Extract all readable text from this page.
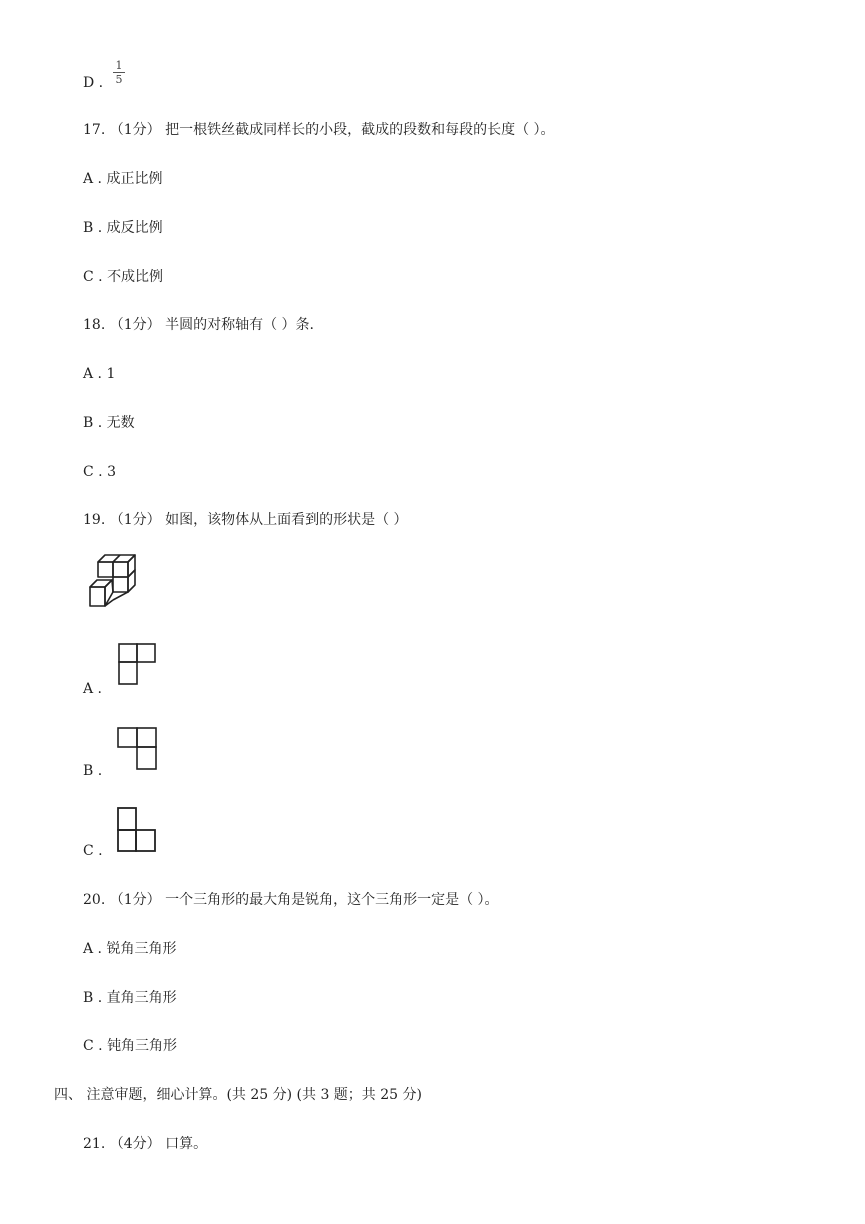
D .
1
5
17. （1分） 把一根铁丝截成同样长的小段，截成的段数和每段的长度（ ）。
A . 成正比例
B . 成反比例
C . 不成比例
18. （1分） 半圆的对称轴有（ ）条.
A . 1
B . 无数
C . 3
19. （1分） 如图，该物体从上面看到的形状是（ ）
A .
B .
C .
20. （1分） 一个三角形的最大角是锐角，这个三角形一定是（ ）。
A . 锐角三角形
B . 直角三角形
C . 钝角三角形
四、 注意审题，细心计算。(共 25 分) (共 3 题；共 25 分)
21. （4分） 口算。
